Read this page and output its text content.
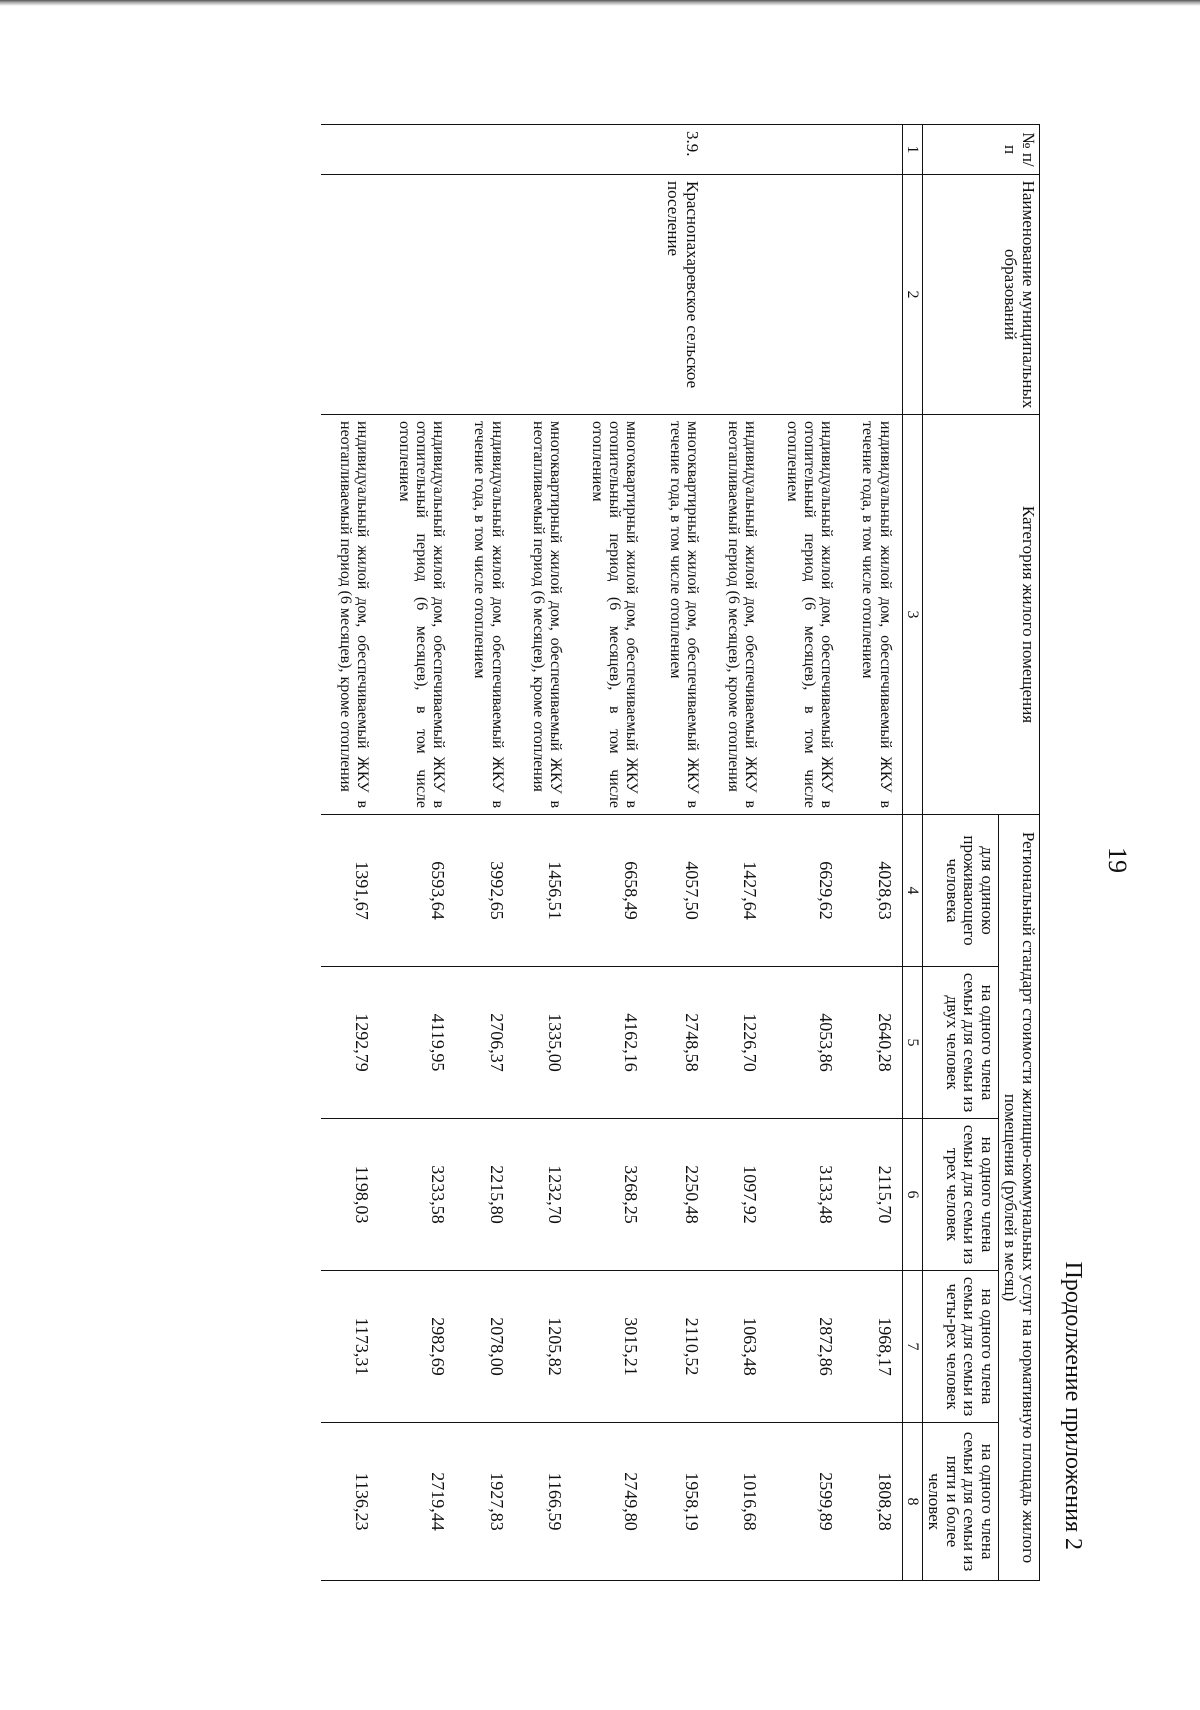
19
Продолжение приложения 2
№ п/п	Наименование муниципальных образований	Категория жилого помещения	Региональный стандарт стоимости жилищно-коммунальных услуг на нормативную площадь жилого помещения (рублей в месяц)				
			для одиноко проживающего человека	на одного члена семьи для семьи из двух человек	на одного члена семьи для семьи из трех человек	на одного члена семьи для семьи из четы-рех человек	на одного члена семьи для семьи из пяти и более человек
1	2	3	4	5	6	7	8
		индивидуальный жилой дом, обеспечиваемый ЖКУ в течение года, в том числе отоплением	4028,63	2640,28	2115,70	1968,17	1808,28
		индивидуальный жилой дом, обеспечиваемый ЖКУ в отопительный период (6 месяцев), в том числе отоплением	6629,62	4053,86	3133,48	2872,86	2599,89
		индивидуальный жилой дом, обеспечиваемый ЖКУ в неотапливаемый период (6 месяцев), кроме отопления	1427,64	1226,70	1097,92	1063,48	1016,68
3.9.	Краснопахаревское сельское поселение	многоквартирный жилой дом, обеспечиваемый ЖКУ в течение года, в том числе отоплением	4057,50	2748,58	2250,48	2110,52	1958,19
		многоквартирный жилой дом, обеспечиваемый ЖКУ в отопительный период (6 месяцев), в том числе отоплением	6658,49	4162,16	3268,25	3015,21	2749,80
		многоквартирный жилой дом, обеспечиваемый ЖКУ в неотапливаемый период (6 месяцев), кроме отопления	1456,51	1335,00	1232,70	1205,82	1166,59
		индивидуальный жилой дом, обеспечиваемый ЖКУ в течение года, в том числе отоплением	3992,65	2706,37	2215,80	2078,00	1927,83
		индивидуальный жилой дом, обеспечиваемый ЖКУ в отопительный период (6 месяцев), в том числе отоплением	6593,64	4119,95	3233,58	2982,69	2719,44
		индивидуальный жилой дом, обеспечиваемый ЖКУ в неотапливаемый период (6 месяцев), кроме отопления	1391,67	1292,79	1198,03	1173,31	1136,23
